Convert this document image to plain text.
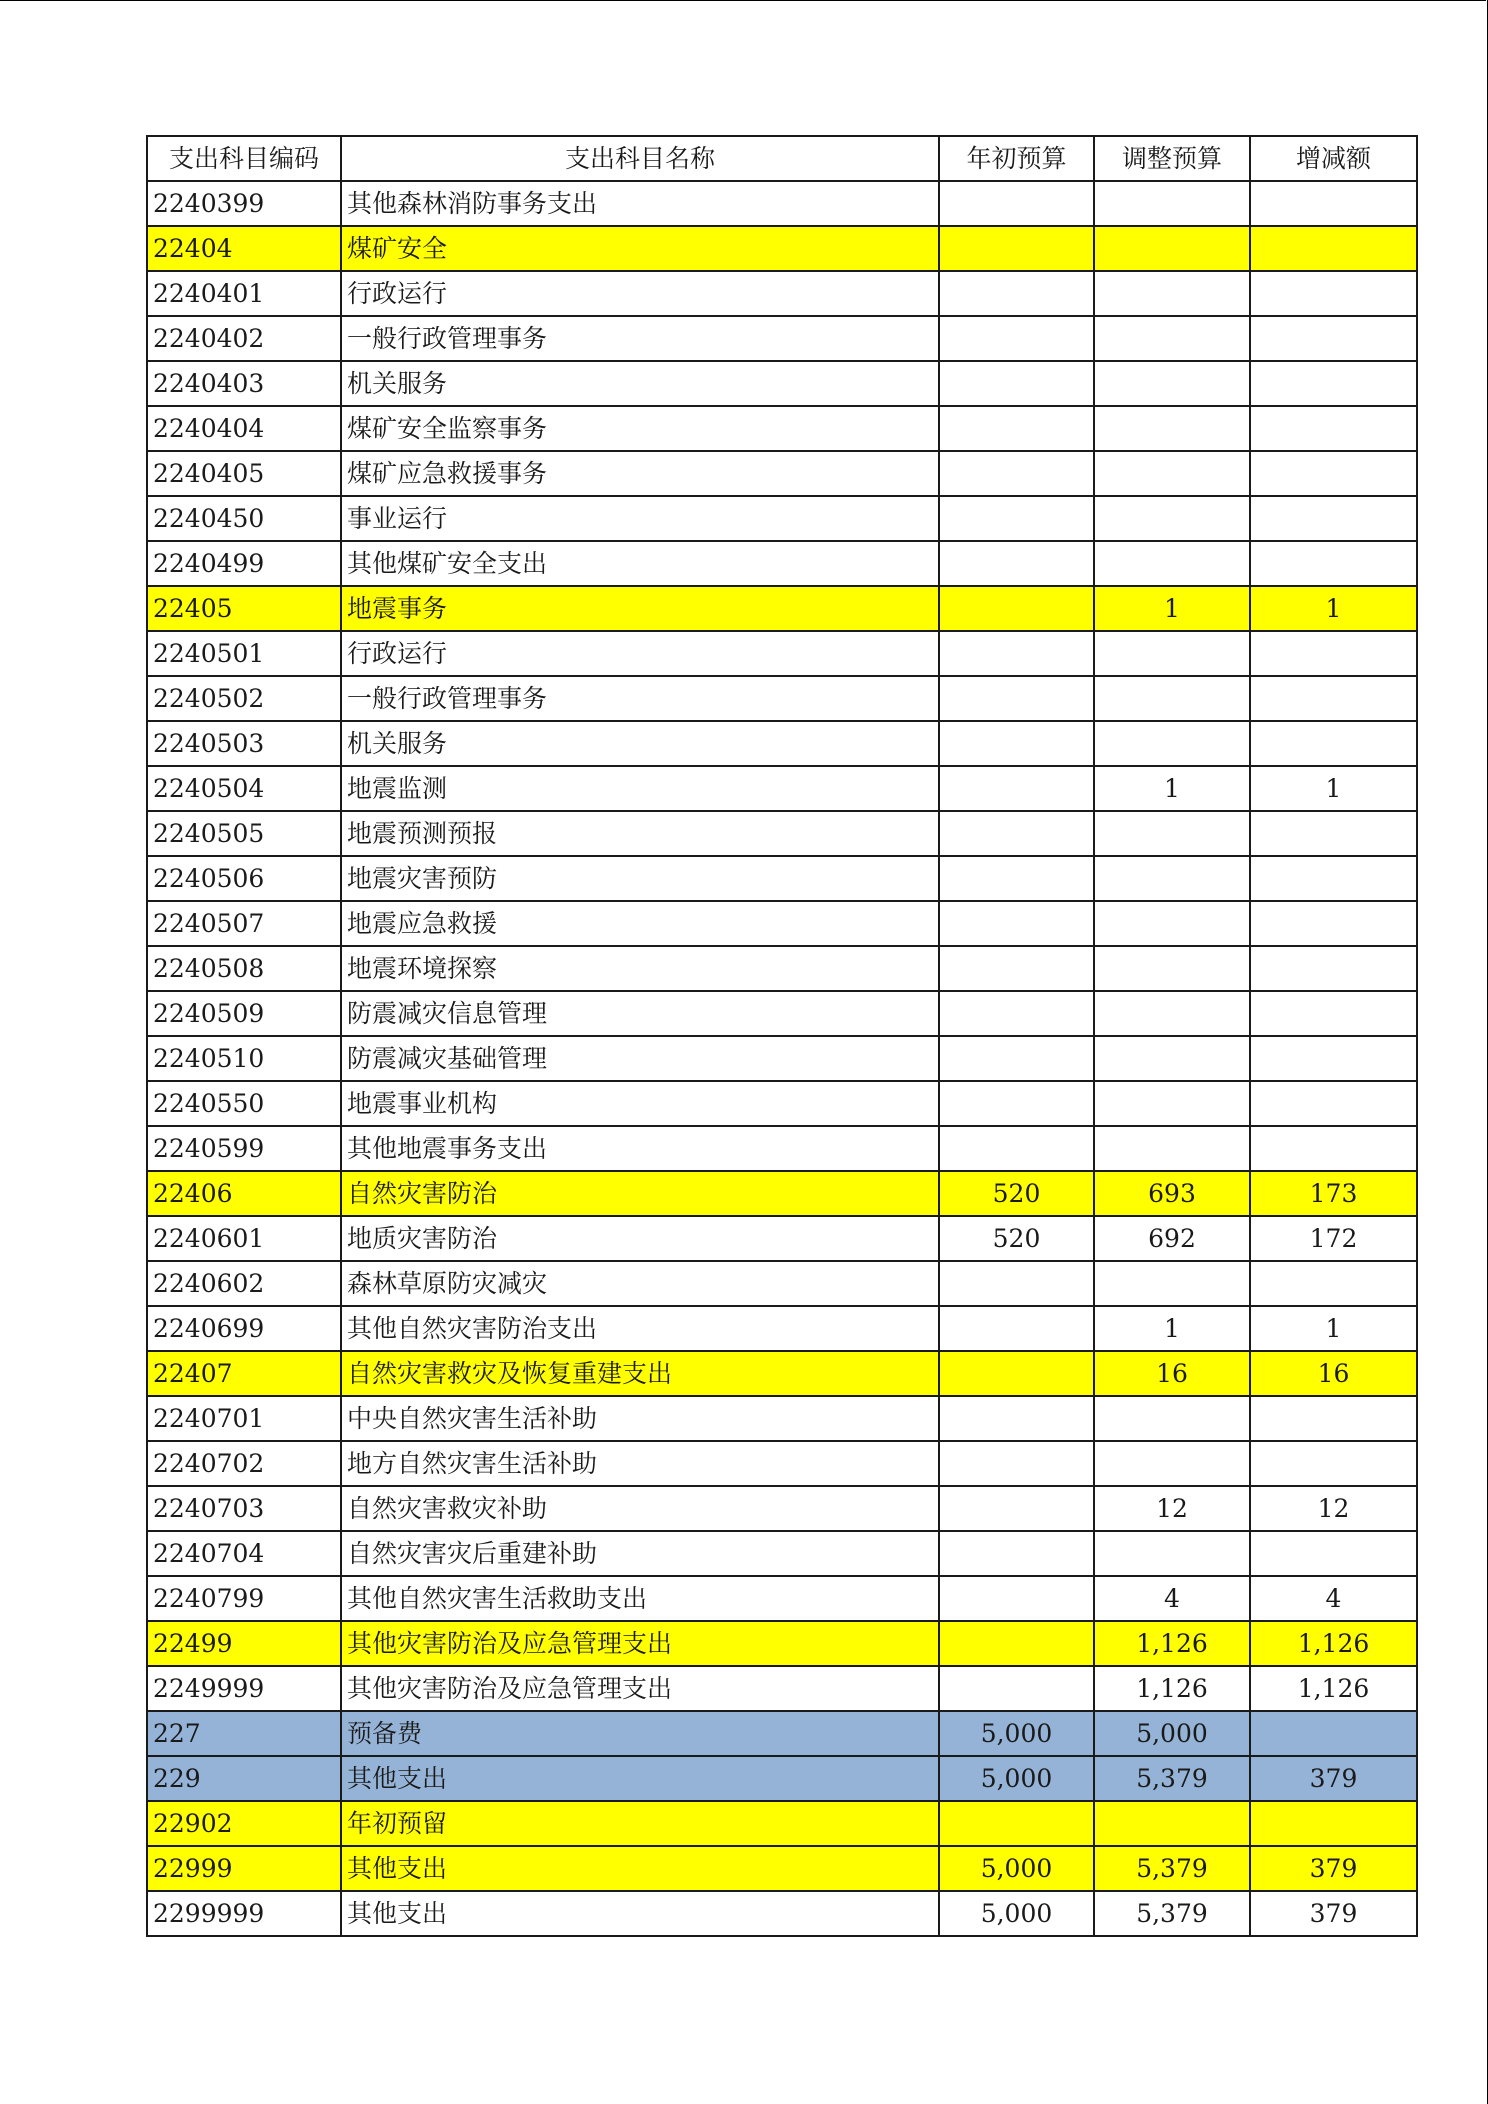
支出科目编码	支出科目名称	年初预算	调整预算	增减额
2240399	其他森林消防事务支出			
22404	煤矿安全			
2240401	行政运行			
2240402	一般行政管理事务			
2240403	机关服务			
2240404	煤矿安全监察事务			
2240405	煤矿应急救援事务			
2240450	事业运行			
2240499	其他煤矿安全支出			
22405	地震事务		1	1
2240501	行政运行			
2240502	一般行政管理事务			
2240503	机关服务			
2240504	地震监测		1	1
2240505	地震预测预报			
2240506	地震灾害预防			
2240507	地震应急救援			
2240508	地震环境探察			
2240509	防震减灾信息管理			
2240510	防震减灾基础管理			
2240550	地震事业机构			
2240599	其他地震事务支出			
22406	自然灾害防治	520	693	173
2240601	地质灾害防治	520	692	172
2240602	森林草原防灾减灾			
2240699	其他自然灾害防治支出		1	1
22407	自然灾害救灾及恢复重建支出		16	16
2240701	中央自然灾害生活补助			
2240702	地方自然灾害生活补助			
2240703	自然灾害救灾补助		12	12
2240704	自然灾害灾后重建补助			
2240799	其他自然灾害生活救助支出		4	4
22499	其他灾害防治及应急管理支出		1,126	1,126
2249999	其他灾害防治及应急管理支出		1,126	1,126
227	预备费	5,000	5,000	
229	其他支出	5,000	5,379	379
22902	年初预留			
22999	其他支出	5,000	5,379	379
2299999	其他支出	5,000	5,379	379
